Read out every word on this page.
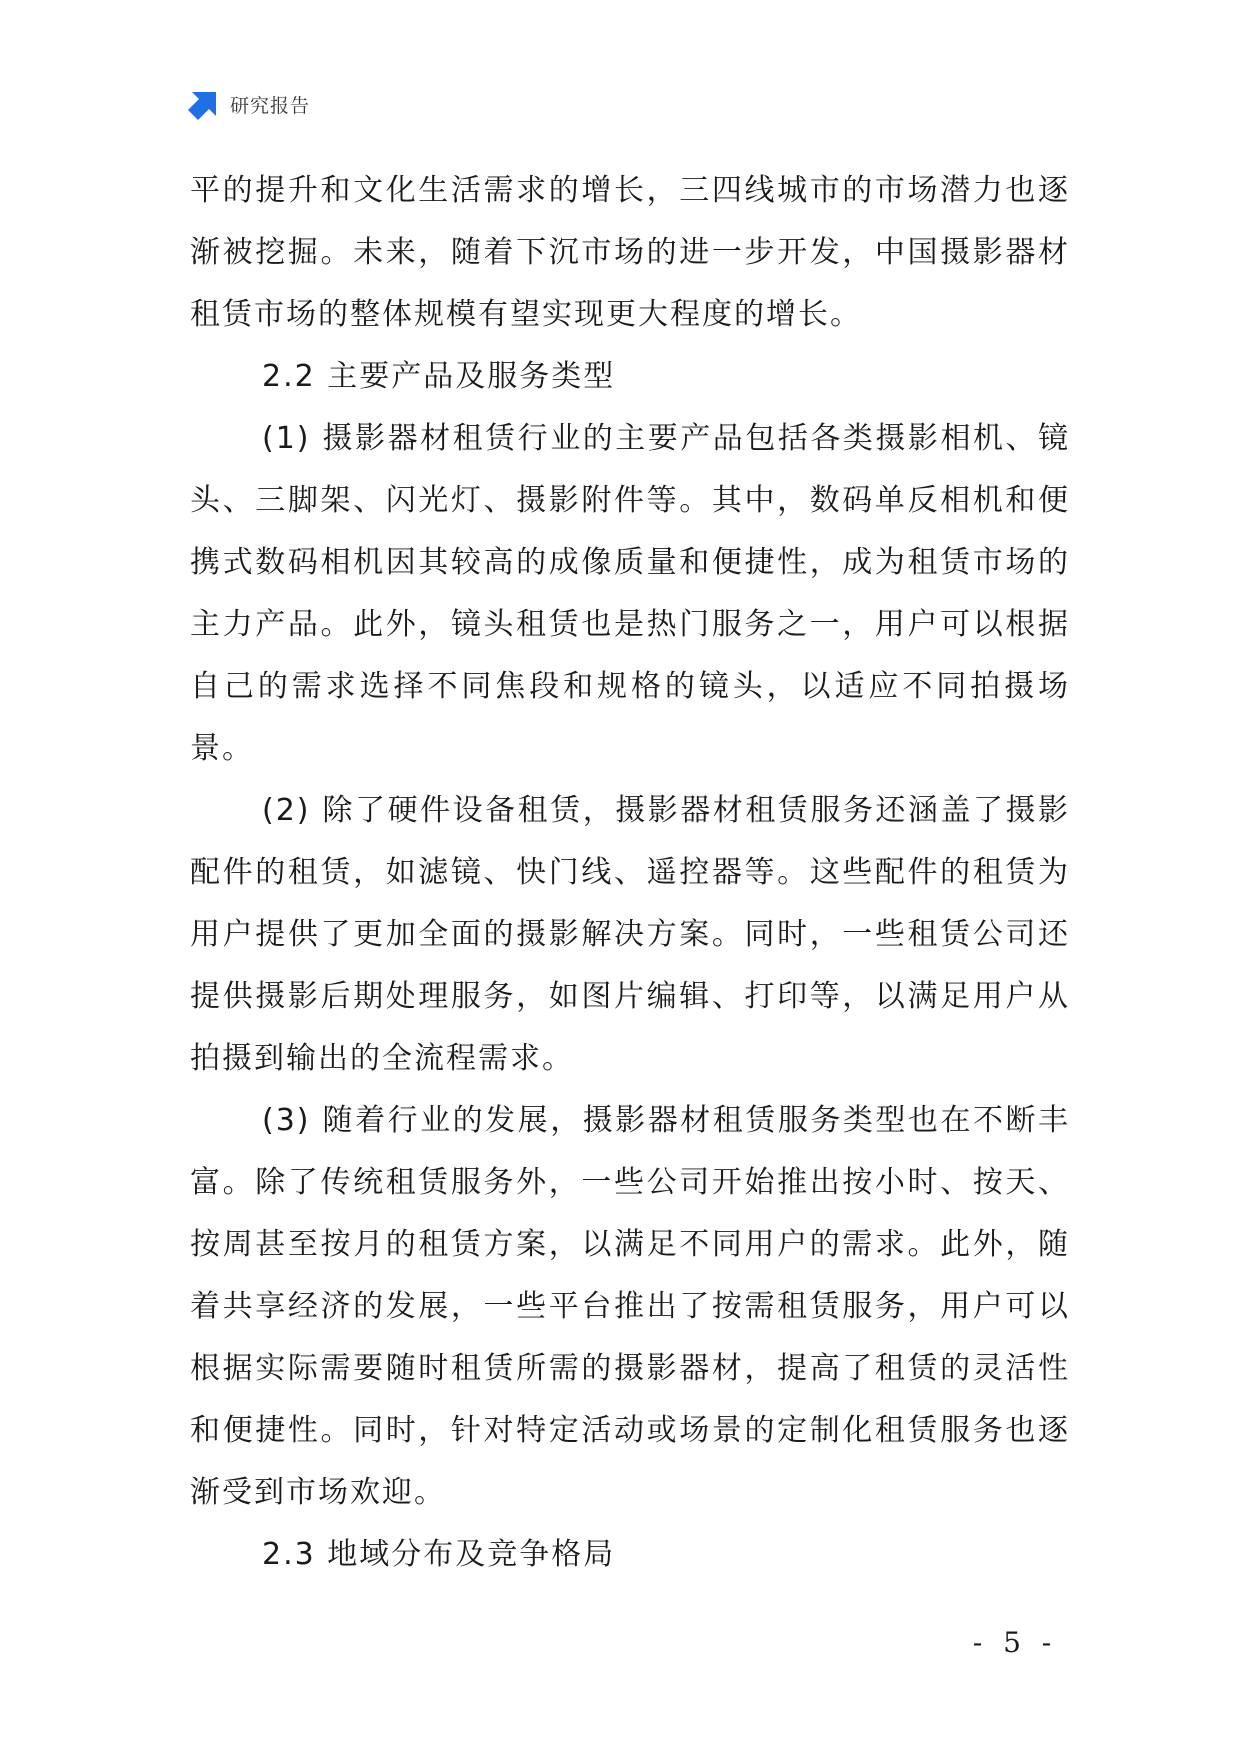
研究报告

平的提升和文化生活需求的增长，三四线城市的市场潜力也逐渐被挖掘。未来，随着下沉市场的进一步开发，中国摄影器材租赁市场的整体规模有望实现更大程度的增长。

2.2 主要产品及服务类型

(1) 摄影器材租赁行业的主要产品包括各类摄影相机、镜头、三脚架、闪光灯、摄影附件等。其中，数码单反相机和便携式数码相机因其较高的成像质量和便捷性，成为租赁市场的主力产品。此外，镜头租赁也是热门服务之一，用户可以根据自己的需求选择不同焦段和规格的镜头，以适应不同拍摄场景。

(2) 除了硬件设备租赁，摄影器材租赁服务还涵盖了摄影配件的租赁，如滤镜、快门线、遥控器等。这些配件的租赁为用户提供了更加全面的摄影解决方案。同时，一些租赁公司还提供摄影后期处理服务，如图片编辑、打印等，以满足用户从拍摄到输出的全流程需求。

(3) 随着行业的发展，摄影器材租赁服务类型也在不断丰富。除了传统租赁服务外，一些公司开始推出按小时、按天、按周甚至按月的租赁方案，以满足不同用户的需求。此外，随着共享经济的发展，一些平台推出了按需租赁服务，用户可以根据实际需要随时租赁所需的摄影器材，提高了租赁的灵活性和便捷性。同时，针对特定活动或场景的定制化租赁服务也逐渐受到市场欢迎。

2.3 地域分布及竞争格局

- 5 -
